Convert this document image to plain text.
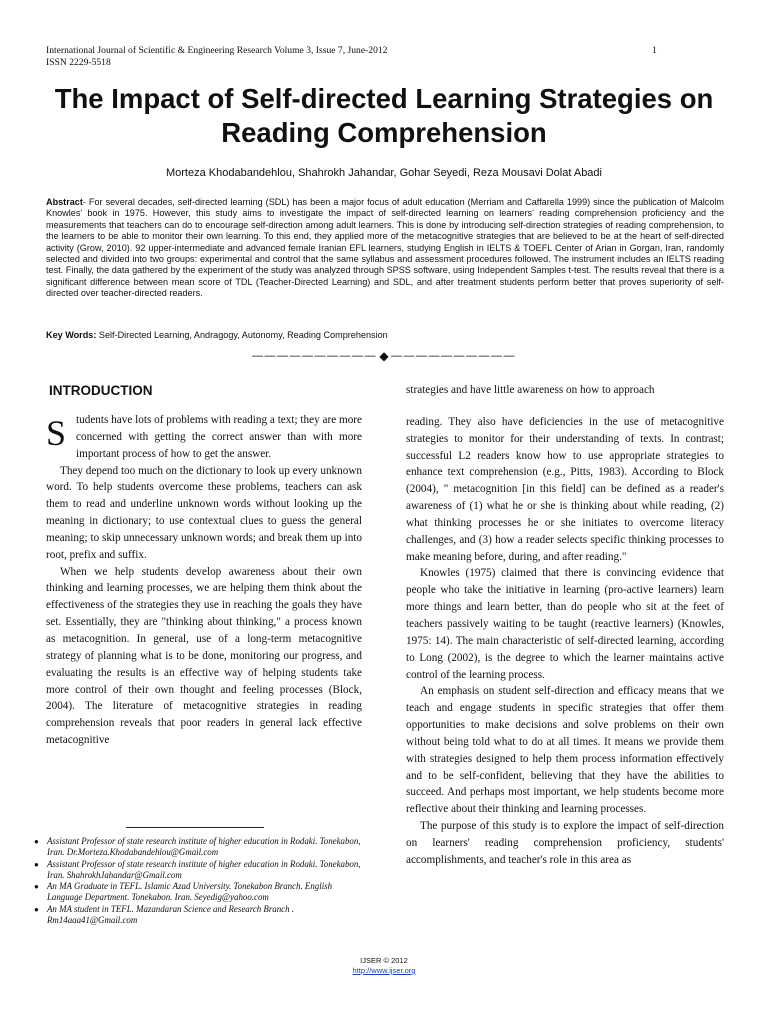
International Journal of Scientific & Engineering Research Volume 3, Issue 7, June-2012
ISSN 2229-5518
1
The Impact of Self-directed Learning Strategies on Reading Comprehension
Morteza Khodabandehlou, Shahrokh Jahandar, Gohar Seyedi, Reza Mousavi Dolat Abadi

Abstract- For several decades, self-directed learning (SDL) has been a major focus of adult education (Merriam and Caffarella 1999) since the publication of Malcolm Knowles' book in 1975. However, this study aims to investigate the impact of self-directed learning on learners' reading comprehension proficiency and the measurements that teachers can do to encourage self-direction among adult learners. This is done by introducing self-direction strategies of reading comprehension, to the learners to be able to monitor their own learning. To this end, they applied more of the metacognitive strategies that are believed to be at the heart of self-directed activity (Grow, 2010). 92 upper-intermediate and advanced female Iranian EFL learners, studying English in IELTS & TOEFL Center of Arian in Gorgan, Iran, randomly selected and divided into two groups: experimental and control that the same syllabus and assessment procedures followed. The instrument includes an IELTS reading test. Finally, the data gathered by the experiment of the study was analyzed through SPSS software, using Independent Samples t-test. The results reveal that there is a significant difference between mean score of TDL (Teacher-Directed Learning) and SDL, and after treatment students perform better that proves superiority of self-directed over teacher-directed readers.

Key Words: Self-Directed Learning, Andragogy, Autonomy, Reading Comprehension

—————————— ◆ ——————————
INTRODUCTION
S tudents have lots of problems with reading a text; they are more concerned with getting the correct answer than with more important process of how to get the answer.

They depend too much on the dictionary to look up every unknown word. To help students overcome these problems, teachers can ask them to read and underline unknown words without looking up the meaning in dictionary; to use contextual clues to guess the general meaning; to skip unnecessary unknown words; and break them up into root, prefix and suffix.

When we help students develop awareness about their own thinking and learning processes, we are helping them think about the effectiveness of the strategies they use in reaching the goals they have set. Essentially, they are "thinking about thinking," a process known as metacognition. In general, use of a long-term metacognitive strategy of planning what is to be done, monitoring our progress, and evaluating the results is an effective way of helping students take more control of their own thought and feeling processes (Block, 2004). The literature of metacognitive strategies in reading comprehension reveals that poor readers in general lack effective metacognitive

strategies and have little awareness on how to approach

reading. They also have deficiencies in the use of metacognitive strategies to monitor for their understanding of texts. In contrast; successful L2 readers know how to use appropriate strategies to enhance text comprehension (e.g., Pitts, 1983). According to Block (2004), " metacognition [in this field] can be defined as a reader's awareness of (1) what he or she is thinking about while reading, (2) what thinking processes he or she initiates to overcome literacy challenges, and (3) how a reader selects specific thinking processes to make meaning before, during, and after reading."

Knowles (1975) claimed that there is convincing evidence that people who take the initiative in learning (pro-active learners) learn more things and learn better, than do people who sit at the feet of teachers passively waiting to be taught (reactive learners) (Knowles, 1975: 14). The main characteristic of self-directed learning, according to Long (2002), is the degree to which the learner maintains active control of the learning process.

An emphasis on student self-direction and efficacy means that we teach and engage students in specific strategies that offer them opportunities to make decisions and solve problems on their own without being told what to do at all times. It means we provide them with strategies designed to help them process information effectively and to be self-confident, believing that they have the abilities to succeed. And perhaps most important, we help students become more reflective about their thinking and learning processes.

The purpose of this study is to explore the impact of self-direction on learners' reading comprehension proficiency, students' accomplishments, and teacher's role in this area as

● Assistant Professor of state research institute of higher education in Rodaki. Tonekabon, Iran. Dr.Morteza.Khodabandehlou@Gmail.com
● Assistant Professor of state research institute of higher education in Rodaki. Tonekabon, Iran. ShahrokhJahandar@Gmail.com
● An MA Graduate in TEFL. Islamic Azad University. Tonekabon Branch. English Language Department. Tonekabon. Iran. Seyedig@yahoo.com
● An MA student in TEFL. Mazandaran Science and Research Branch . Rm14aaa41@Gmail.com
IJSER © 2012
http://www.ijser.org
